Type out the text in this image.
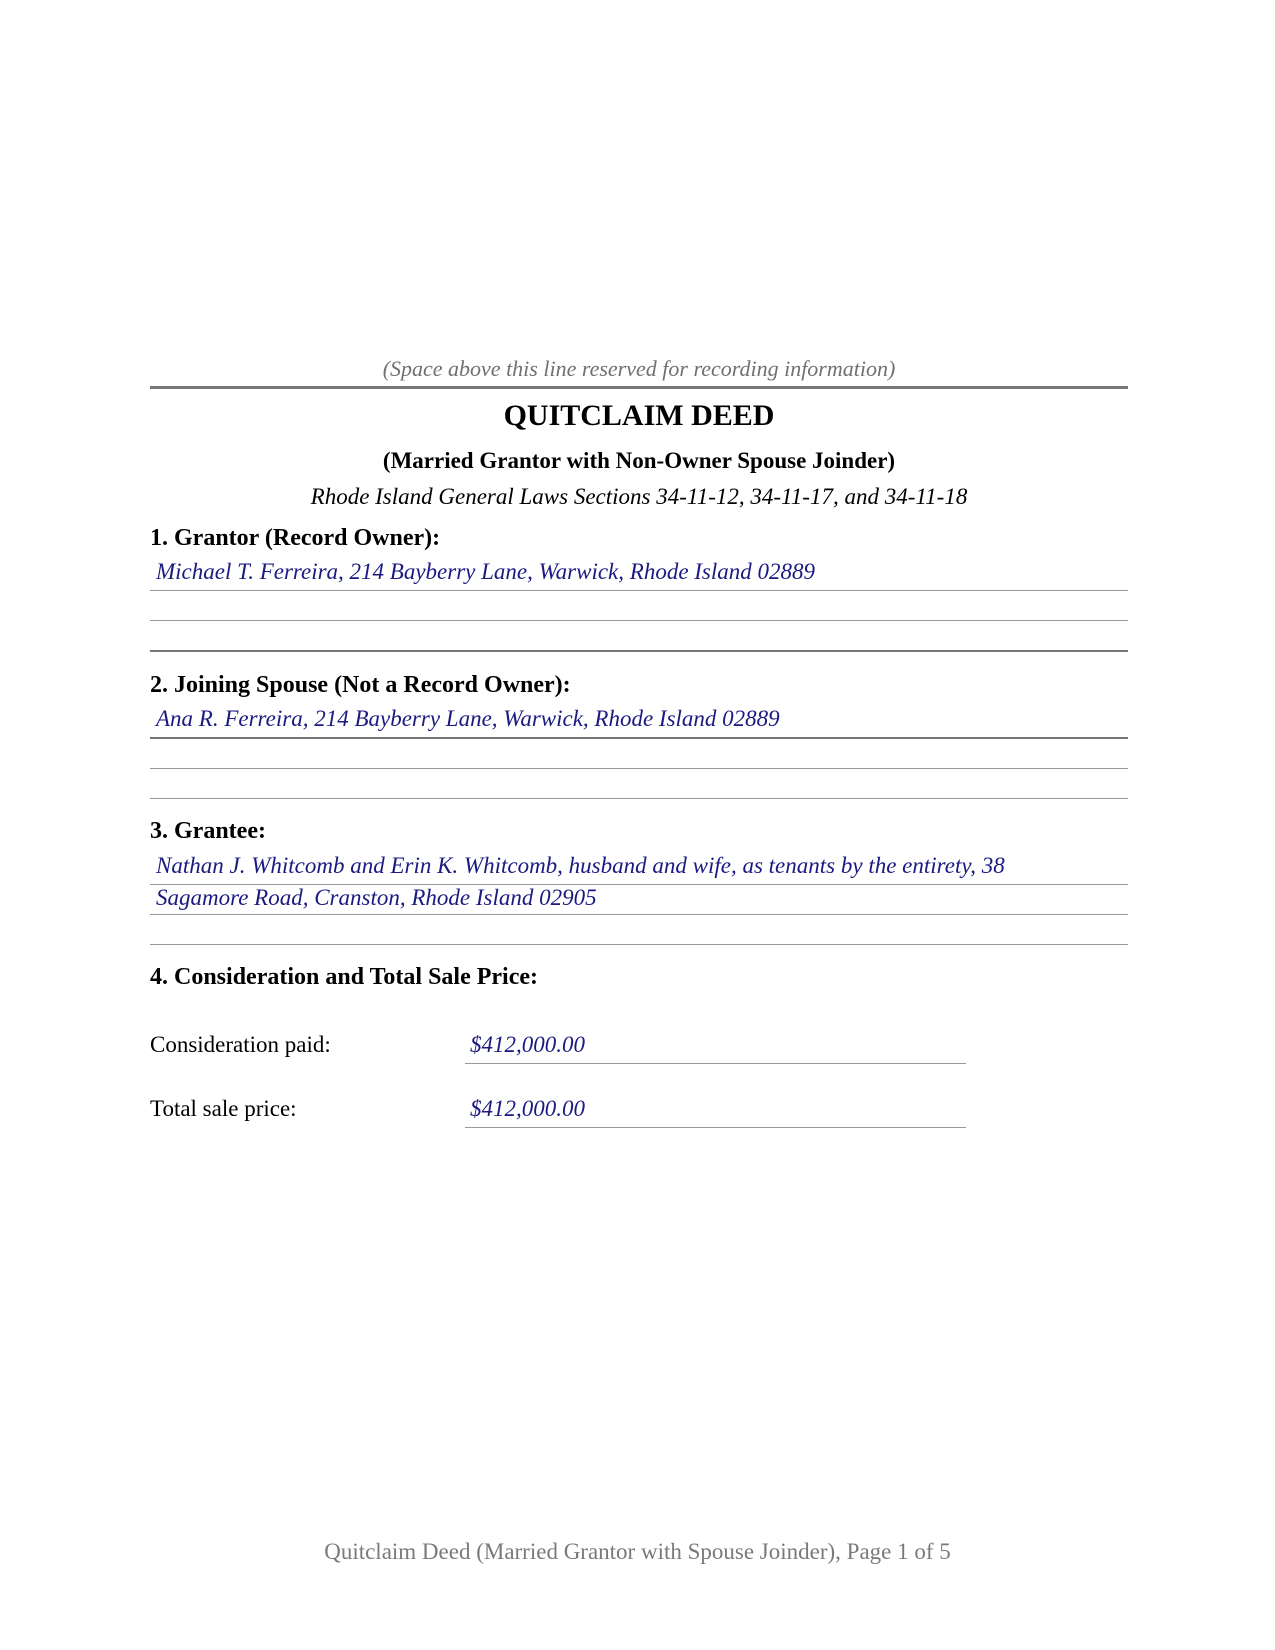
(Space above this line reserved for recording information)
QUITCLAIM DEED
(Married Grantor with Non-Owner Spouse Joinder)
Rhode Island General Laws Sections 34-11-12, 34-11-17, and 34-11-18
1. Grantor (Record Owner):
Michael T. Ferreira, 214 Bayberry Lane, Warwick, Rhode Island 02889
2. Joining Spouse (Not a Record Owner):
Ana R. Ferreira, 214 Bayberry Lane, Warwick, Rhode Island 02889
3. Grantee:
Nathan J. Whitcomb and Erin K. Whitcomb, husband and wife, as tenants by the entirety, 38
Sagamore Road, Cranston, Rhode Island 02905
4. Consideration and Total Sale Price:
Consideration paid:	$412,000.00
Total sale price:	$412,000.00
Quitclaim Deed (Married Grantor with Spouse Joinder), Page 1 of 5
